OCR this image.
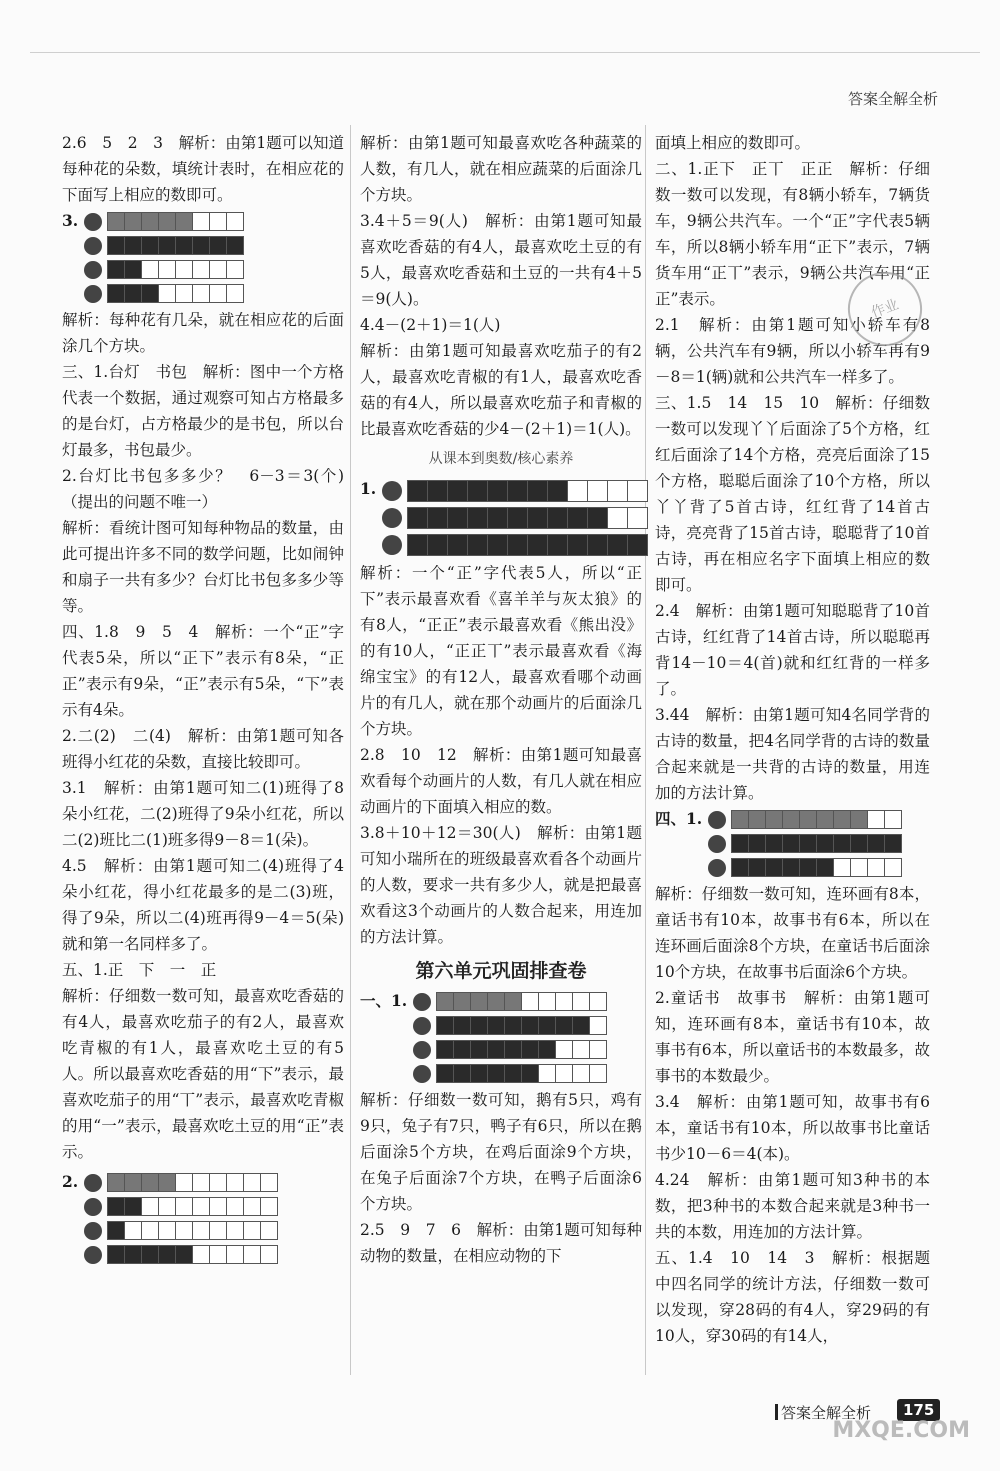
答案全解全析

2.6　5　2　3　解析：由第1题可以知道每种花的朵数，填统计表时，在相应花的下面写上相应的数即可。

3.

解析：每种花有几朵，就在相应花的后面涂几个方块。

三、1.台灯　书包　解析：图中一个方格代表一个数据，通过观察可知占方格最多的是台灯，占方格最少的是书包，所以台灯最多，书包最少。

2.台灯比书包多多少？　6－3＝3(个)（提出的问题不唯一）

解析：看统计图可知每种物品的数量，由此可提出许多不同的数学问题，比如闹钟和扇子一共有多少？台灯比书包多多少等等。

四、1.8　9　5　4　解析：一个“正”字代表5朵，所以“正下”表示有8朵，“正正”表示有9朵，“正”表示有5朵，“下”表示有4朵。

2.二(2)　二(4)　解析：由第1题可知各班得小红花的朵数，直接比较即可。

3.1　解析：由第1题可知二(1)班得了8朵小红花，二(2)班得了9朵小红花，所以二(2)班比二(1)班多得9－8＝1(朵)。

4.5　解析：由第1题可知二(4)班得了4朵小红花，得小红花最多的是二(3)班，得了9朵，所以二(4)班再得9－4＝5(朵)就和第一名同样多了。

五、1.正　下　一　正

解析：仔细数一数可知，最喜欢吃香菇的有4人，最喜欢吃茄子的有2人，最喜欢吃青椒的有1人，最喜欢吃土豆的有5人。所以最喜欢吃香菇的用“下”表示，最喜欢吃茄子的用“丅”表示，最喜欢吃青椒的用“一”表示，最喜欢吃土豆的用“正”表示。

2.

解析：由第1题可知最喜欢吃各种蔬菜的人数，有几人，就在相应蔬菜的后面涂几个方块。

3.4＋5＝9(人)　解析：由第1题可知最喜欢吃香菇的有4人，最喜欢吃土豆的有5人，最喜欢吃香菇和土豆的一共有4＋5＝9(人)。

4.4－(2＋1)＝1(人)

解析：由第1题可知最喜欢吃茄子的有2人，最喜欢吃青椒的有1人，最喜欢吃香菇的有4人，所以最喜欢吃茄子和青椒的比最喜欢吃香菇的少4－(2＋1)＝1(人)。

从课本到奥数/核心素养
1.

解析：一个“正”字代表5人，所以“正下”表示最喜欢看《喜羊羊与灰太狼》的有8人，“正正”表示最喜欢看《熊出没》的有10人，“正正丅”表示最喜欢看《海绵宝宝》的有12人，最喜欢看哪个动画片的有几人，就在那个动画片的后面涂几个方块。

2.8　10　12　解析：由第1题可知最喜欢看每个动画片的人数，有几人就在相应动画片的下面填入相应的数。

3.8＋10＋12＝30(人)　解析：由第1题可知小瑞所在的班级最喜欢看各个动画片的人数，要求一共有多少人，就是把最喜欢看这3个动画片的人数合起来，用连加的方法计算。

第六单元巩固排查卷
一、1.

解析：仔细数一数可知，鹅有5只，鸡有9只，兔子有7只，鸭子有6只，所以在鹅后面涂5个方块，在鸡后面涂9个方块，在兔子后面涂7个方块，在鸭子后面涂6个方块。

2.5　9　7　6　解析：由第1题可知每种动物的数量，在相应动物的下

面填上相应的数即可。

二、1.正下　正丅　正正　解析：仔细数一数可以发现，有8辆小轿车，7辆货车，9辆公共汽车。一个“正”字代表5辆车，所以8辆小轿车用“正下”表示，7辆货车用“正丅”表示，9辆公共汽车用“正正”表示。

2.1　解析：由第1题可知小轿车有8辆，公共汽车有9辆，所以小轿车再有9－8＝1(辆)就和公共汽车一样多了。

三、1.5　14　15　10　解析：仔细数一数可以发现丫丫后面涂了5个方格，红红后面涂了14个方格，亮亮后面涂了15个方格，聪聪后面涂了10个方格，所以丫丫背了5首古诗，红红背了14首古诗，亮亮背了15首古诗，聪聪背了10首古诗，再在相应名字下面填上相应的数即可。

2.4　解析：由第1题可知聪聪背了10首古诗，红红背了14首古诗，所以聪聪再背14－10＝4(首)就和红红背的一样多了。

3.44　解析：由第1题可知4名同学背的古诗的数量，把4名同学背的古诗的数量合起来就是一共背的古诗的数量，用连加的方法计算。

四、1.

解析：仔细数一数可知，连环画有8本，童话书有10本，故事书有6本，所以在连环画后面涂8个方块，在童话书后面涂10个方块，在故事书后面涂6个方块。

2.童话书　故事书　解析：由第1题可知，连环画有8本，童话书有10本，故事书有6本，所以童话书的本数最多，故事书的本数最少。

3.4　解析：由第1题可知，故事书有6本，童话书有10本，所以故事书比童话书少10－6＝4(本)。

4.24　解析：由第1题可知3种书的本数，把3种书的本数合起来就是3种书一共的本数，用连加的方法计算。

五、1.4　10　14　3　解析：根据题中四名同学的统计方法，仔细数一数可以发现，穿28码的有4人，穿29码的有10人，穿30码的有14人，

作业
答案全解全析	175
MXQE.COM
